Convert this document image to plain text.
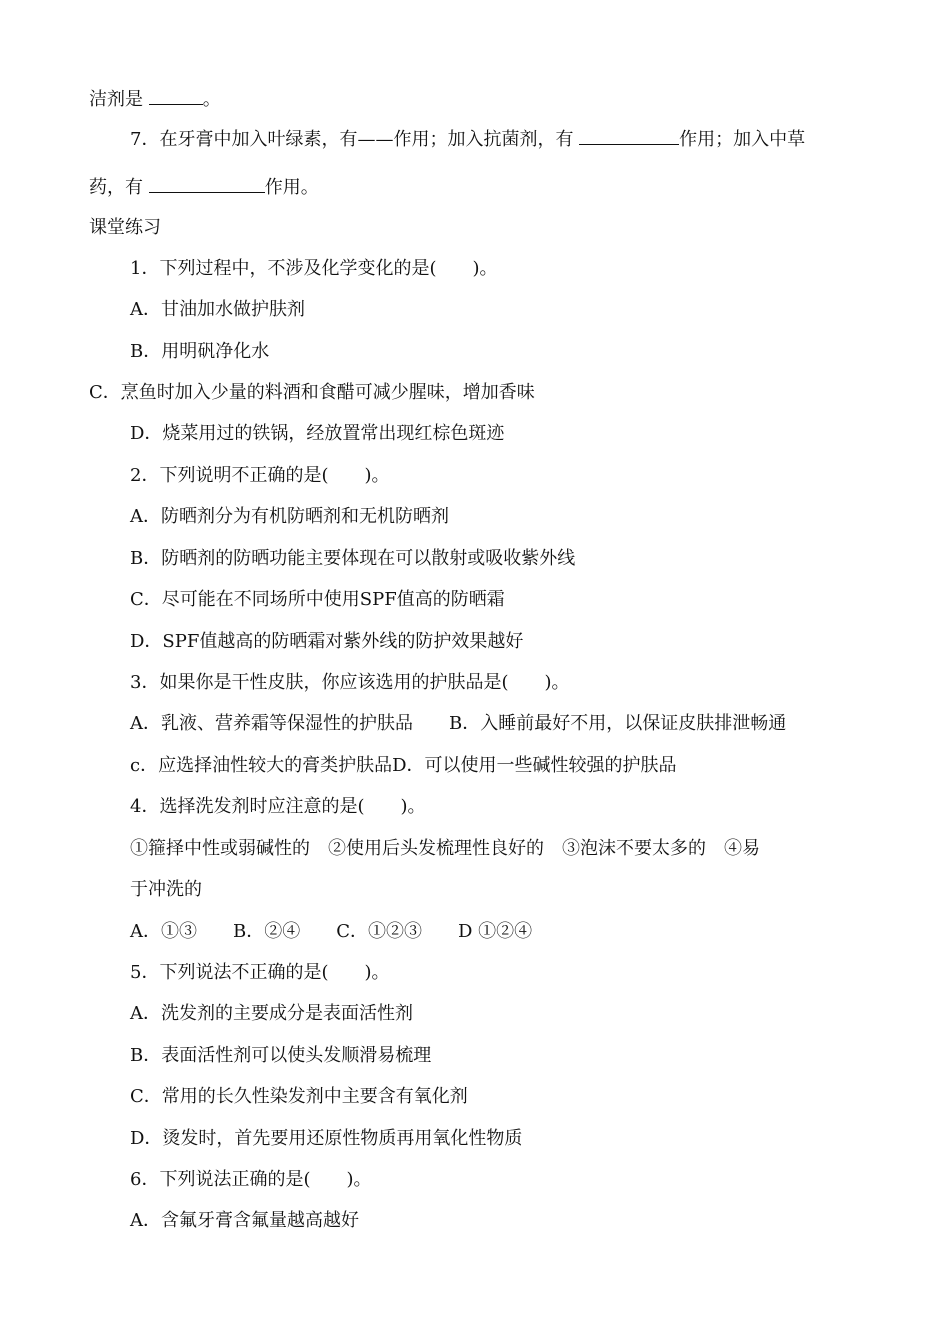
洁剂是	。
7．在牙膏中加入叶绿素，有——作用；加入抗菌剂，有	作用；加入中草
药，有	作用。
课堂练习
1．下列过程中，不涉及化学变化的是(　　)。
A．甘油加水做护肤剂
B．用明矾净化水
C．烹鱼时加入少量的料酒和食醋可减少腥味，增加香味
D．烧菜用过的铁锅，经放置常出现红棕色斑迹
2．下列说明不正确的是(　　)。
A．防晒剂分为有机防晒剂和无机防晒剂
B．防晒剂的防晒功能主要体现在可以散射或吸收紫外线
C．尽可能在不同场所中使用SPF值高的防晒霜
D．SPF值越高的防晒霜对紫外线的防护效果越好
3．如果你是干性皮肤，你应该选用的护肤品是(　　)。
A．乳液、营养霜等保湿性的护肤品　　B．入睡前最好不用，以保证皮肤排泄畅通
c．应选择油性较大的膏类护肤品D．可以使用一些碱性较强的护肤品
4．选择洗发剂时应注意的是(　　)。
①箍择中性或弱碱性的　②使用后头发梳理性良好的　③泡沫不要太多的　④易
于冲洗的
A．①③　　B．②④　　C．①②③　　D ①②④
5．下列说法不正确的是(　　)。
A．洗发剂的主要成分是表面活性剂
B．表面活性剂可以使头发顺滑易梳理
C．常用的长久性染发剂中主要含有氧化剂
D．烫发时，首先要用还原性物质再用氧化性物质
6．下列说法正确的是(　　)。
A．含氟牙膏含氟量越高越好
